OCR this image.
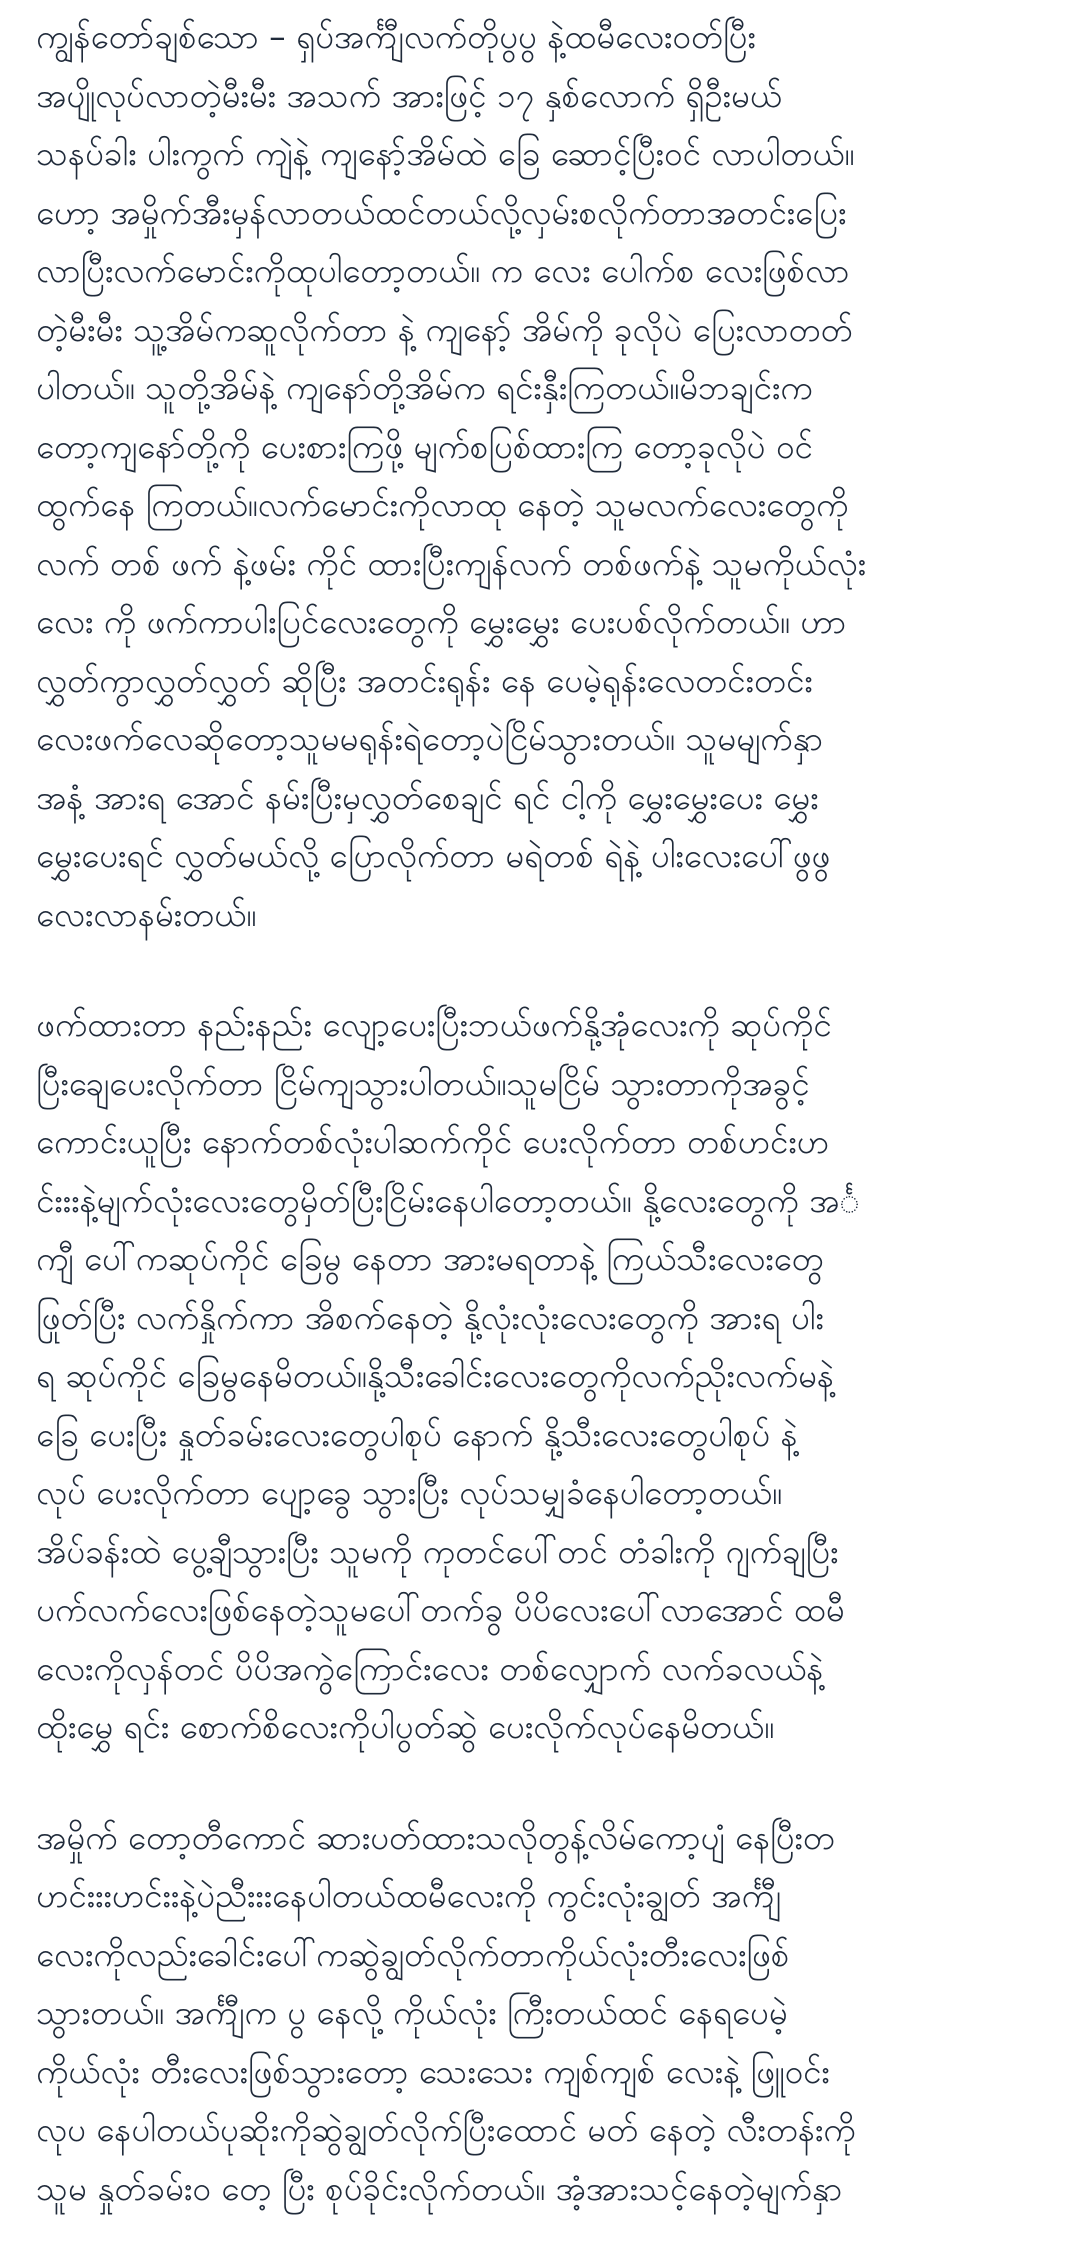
ကျွန်တော်ချစ်သော – ရှပ်အင်္ကျီလက်တိုပွပွ နဲ့ထမီလေးဝတ်ပြီး
အပျိုလုပ်လာတဲ့မီးမီး အသက် အားဖြင့် ၁၇ နှစ်လောက် ရှိဦးမယ်
သနပ်ခါး ပါးကွက် ကျဲနဲ့ ကျနော့်အိမ်ထဲ ခြေ ဆောင့်ပြီးဝင် လာပါတယ်။
ဟော့ အမှိုက်အီးမှန်လာတယ်ထင်တယ်လို့လှမ်းစလိုက်တာအတင်းပြေး
လာပြီးလက်မောင်းကိုထုပါတော့တယ်။ က လေး ပေါက်စ လေးဖြစ်လာ
တဲ့မီးမီး သူ့အိမ်ကဆူလိုက်တာ နဲ့ ကျနော့် အိမ်ကို ခုလိုပဲ ပြေးလာတတ်
ပါတယ်။ သူတို့အိမ်နဲ့ ကျနော်တို့အိမ်က ရင်းနှီးကြတယ်။မိဘချင်းက
တော့ကျနော်တို့ကို ပေးစားကြဖို့ မျက်စပြစ်ထားကြ တော့ခုလိုပဲ ဝင်
ထွက်နေ ကြတယ်။လက်မောင်းကိုလာထု နေတဲ့ သူမလက်လေးတွေကို
လက် တစ် ဖက် နဲ့ဖမ်း ကိုင် ထားပြီးကျန်လက် တစ်ဖက်နဲ့ သူမကိုယ်လုံး
လေး ကို ဖက်ကာပါးပြင်လေးတွေကို မွှေးမွှေး ပေးပစ်လိုက်တယ်။ ဟာ
လွှတ်ကွာလွှတ်လွှတ် ဆိုပြီး အတင်းရုန်း နေ ပေမဲ့ရုန်းလေတင်းတင်း
လေးဖက်လေဆိုတော့သူမမရုန်းရဲတော့ပဲငြိမ်သွားတယ်။ သူမမျက်နှာ
အနံ့ အားရ အောင် နမ်းပြီးမှလွှတ်စေချင် ရင် ငါ့ကို မွှေးမွှေးပေး မွှေး
မွှေးပေးရင် လွှတ်မယ်လို့ ပြောလိုက်တာ မရဲတစ် ရဲနဲ့ ပါးလေးပေါ်ဖွဖွ
လေးလာနမ်းတယ်။

ဖက်ထားတာ နည်းနည်း လျော့ပေးပြီးဘယ်ဖက်နို့အုံလေးကို ဆုပ်ကိုင်
ပြီးချေပေးလိုက်တာ ငြိမ်ကျသွားပါတယ်။သူမငြိမ် သွားတာကိုအခွင့်
ကောင်းယူပြီး နောက်တစ်လုံးပါဆက်ကိုင် ပေးလိုက်တာ တစ်ဟင်းဟ
င်းးးနဲ့မျက်လုံးလေးတွေမှိတ်ပြီးငြိမ်းနေပါတော့တယ်။ နို့လေးတွေကို အင်္
ကျီ ပေါ်ကဆုပ်ကိုင် ခြေမွ နေတာ အားမရတာနဲ့ ကြယ်သီးလေးတွေ
ဖြုတ်ပြီး လက်နှိုက်ကာ အိစက်နေတဲ့ နို့လုံးလုံးလေးတွေကို အားရ ပါး
ရ ဆုပ်ကိုင် ခြေမွနေမိတယ်။နို့သီးခေါင်းလေးတွေကိုလက်ညိုးလက်မနဲ့
ခြေ ပေးပြီး နှုတ်ခမ်းလေးတွေပါစုပ် နောက် နို့သီးလေးတွေပါစုပ် နဲ့
လုပ် ပေးလိုက်တာ ပျော့ခွေ သွားပြီး လုပ်သမျှခံနေပါတော့တယ်။
အိပ်ခန်းထဲ ပွေ့ချီသွားပြီး သူမကို ကုတင်ပေါ်တင် တံခါးကို ဂျက်ချပြီး
ပက်လက်လေးဖြစ်နေတဲ့သူမပေါ်တက်ခွ ပိပိလေးပေါ်လာအောင် ထမီ
လေးကိုလှန်တင် ပိပိအကွဲကြောင်းလေး တစ်လျှောက် လက်ခလယ်နဲ့
ထိုးမွှေ ရင်း စောက်စိလေးကိုပါပွတ်ဆွဲ ပေးလိုက်လုပ်နေမိတယ်။

အမှိုက် တော့တီကောင် ဆားပတ်ထားသလိုတွန့်လိမ်ကော့ပျံ နေပြီးတ
ဟင်းးးဟင်းးနဲ့ပဲညီးးးနေပါတယ်ထမီလေးကို ကွင်းလုံးချွတ် အင်္ကျီ
လေးကိုလည်းခေါင်းပေါ်ကဆွဲချွတ်လိုက်တာကိုယ်လုံးတီးလေးဖြစ်
သွားတယ်။ အင်္ကျီက ပွ နေလို့ ကိုယ်လုံး ကြီးတယ်ထင် နေရပေမဲ့
ကိုယ်လုံး တီးလေးဖြစ်သွားတော့ သေးသေး ကျစ်ကျစ် လေးနဲ့ ဖြူဝင်း
လုပ နေပါတယ်ပုဆိုးကိုဆွဲချွတ်လိုက်ပြီးထောင် မတ် နေတဲ့ လီးတန်းကို
သူမ နှုတ်ခမ်းဝ တေ့ ပြီး စုပ်ခိုင်းလိုက်တယ်။ အံ့အားသင့်နေတဲ့မျက်နှာ
